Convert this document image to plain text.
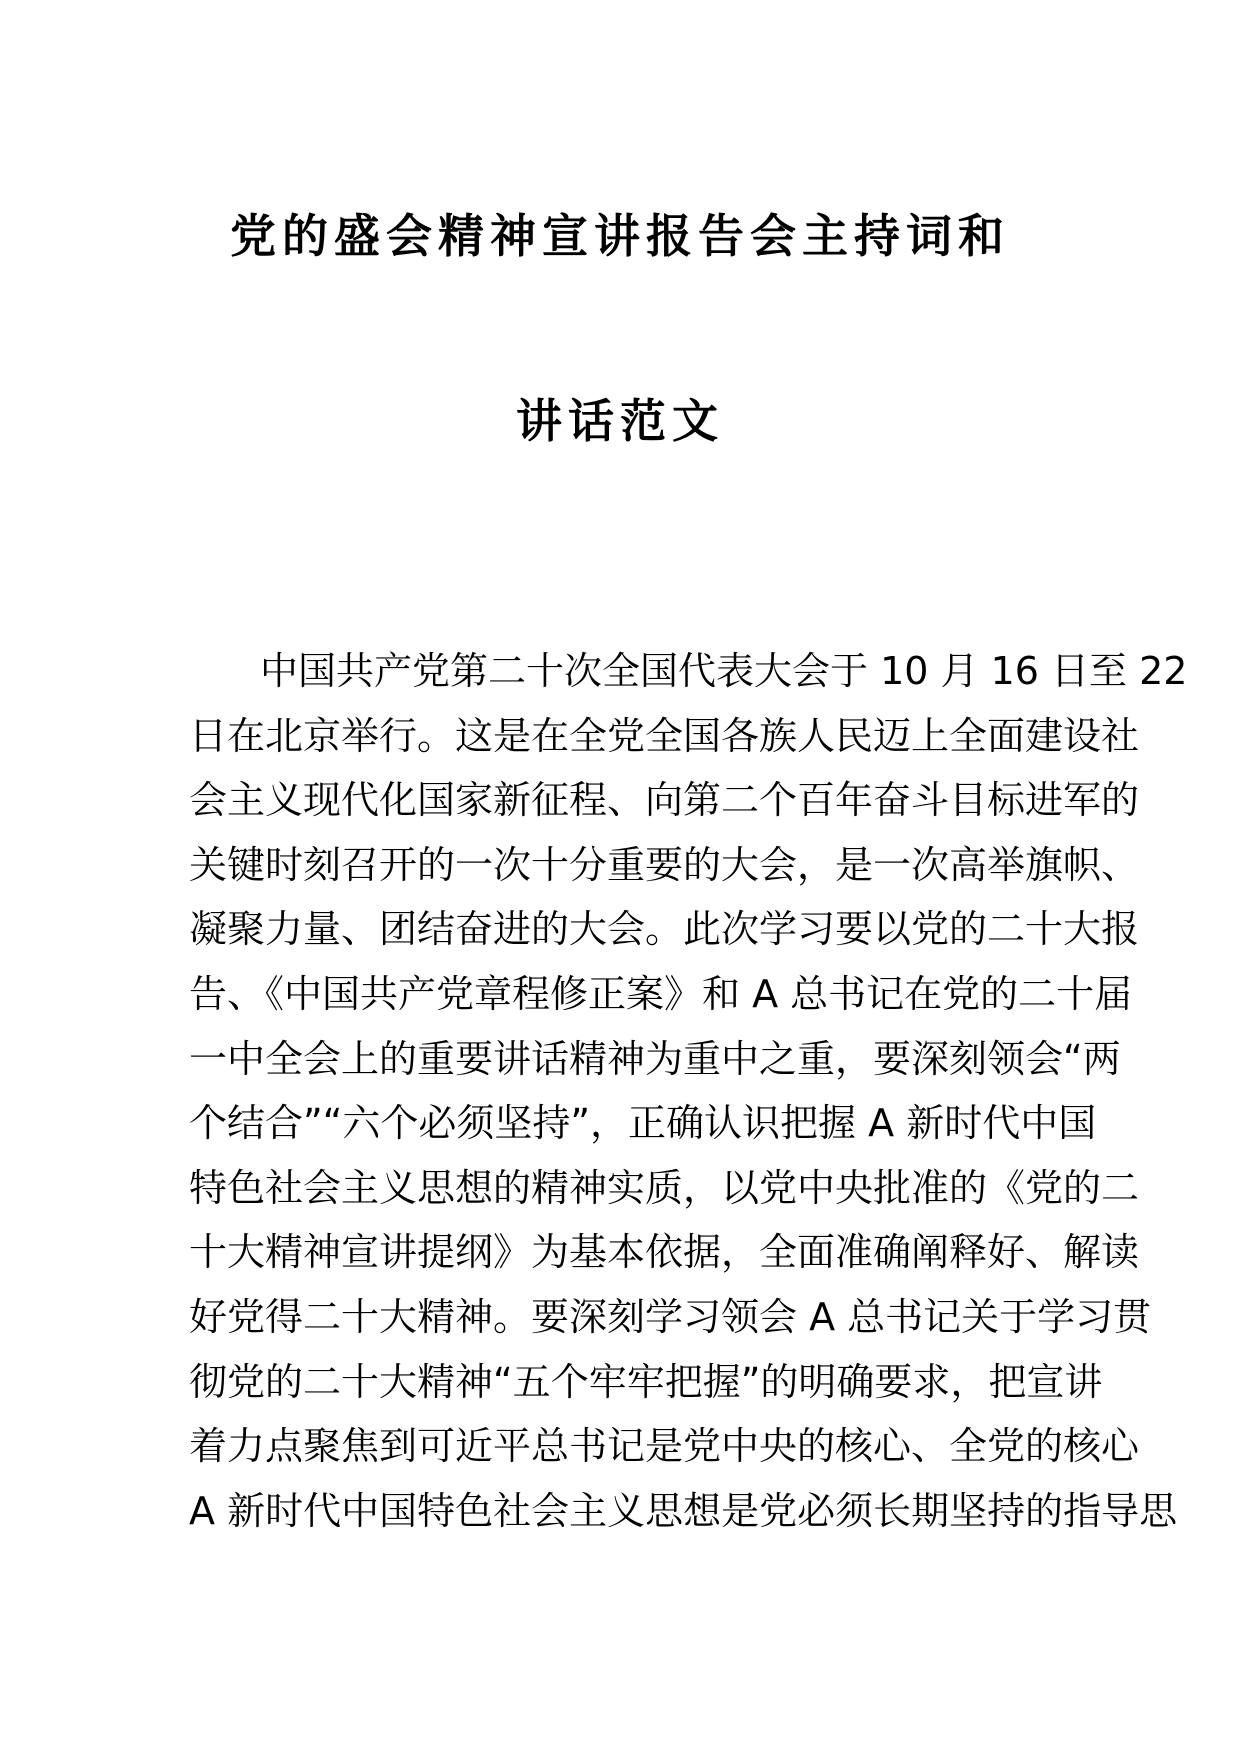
党的盛会精神宣讲报告会主持词和
讲话范文
中国共产党第二十次全国代表大会于 10 月 16 日至 22
日在北京举行。这是在全党全国各族人民迈上全面建设社
会主义现代化国家新征程、向第二个百年奋斗目标进军的
关键时刻召开的一次十分重要的大会，是一次高举旗帜、
凝聚力量、团结奋进的大会。此次学习要以党的二十大报
告、《中国共产党章程修正案》和 A 总书记在党的二十届
一中全会上的重要讲话精神为重中之重，要深刻领会“两
个结合”“六个必须坚持”，正确认识把握 A 新时代中国
特色社会主义思想的精神实质，以党中央批准的《党的二
十大精神宣讲提纲》为基本依据，全面准确阐释好、解读
好党得二十大精神。要深刻学习领会 A 总书记关于学习贯
彻党的二十大精神“五个牢牢把握”的明确要求，把宣讲
着力点聚焦到可近平总书记是党中央的核心、全党的核心
A 新时代中国特色社会主义思想是党必须长期坚持的指导思
